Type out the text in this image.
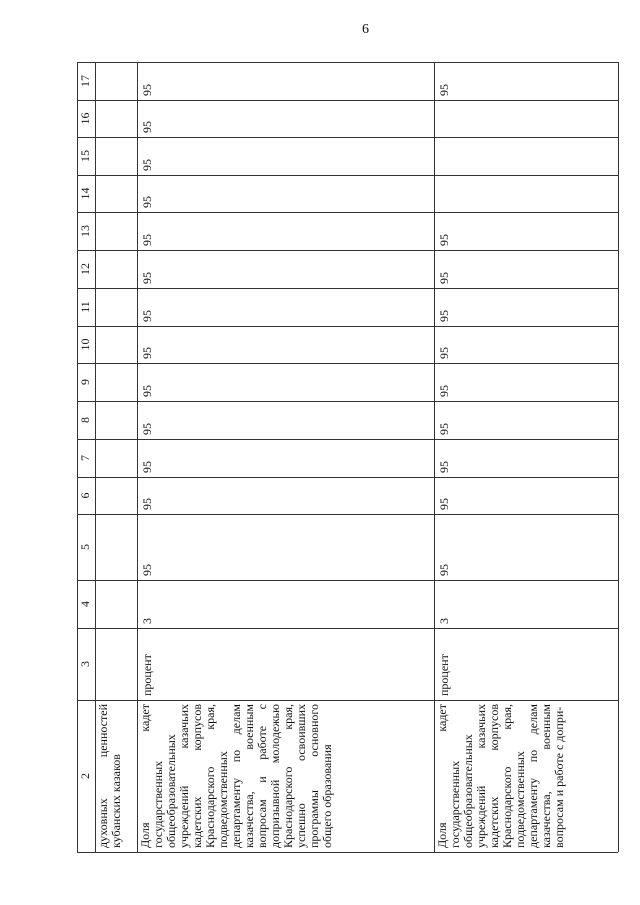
6
17
16
15
14
13
12
11
10
9
8
7
6
5
4
3
2 духовных ценностей кубанских казаков
95
95
95
95
95
95
95
95
95
95
95
95
95
3
процент
Доля кадет государственных общеобразовательных учреждений казачьих кадетских корпусов Краснодарского края, подведомственных департаменту по делам казачества, военным вопросам и работе с допризывной молодежью Краснодарского края, успешно освоивших программы основного общего образования
95
95
95
95
95
95
95
95
95
95
3
процент
Доля кадет государственных общеобразовательных учреждений казачьих кадетских корпусов Краснодарского края, подведомственных департаменту по делам казачества, военным вопросам и работе с допри-
